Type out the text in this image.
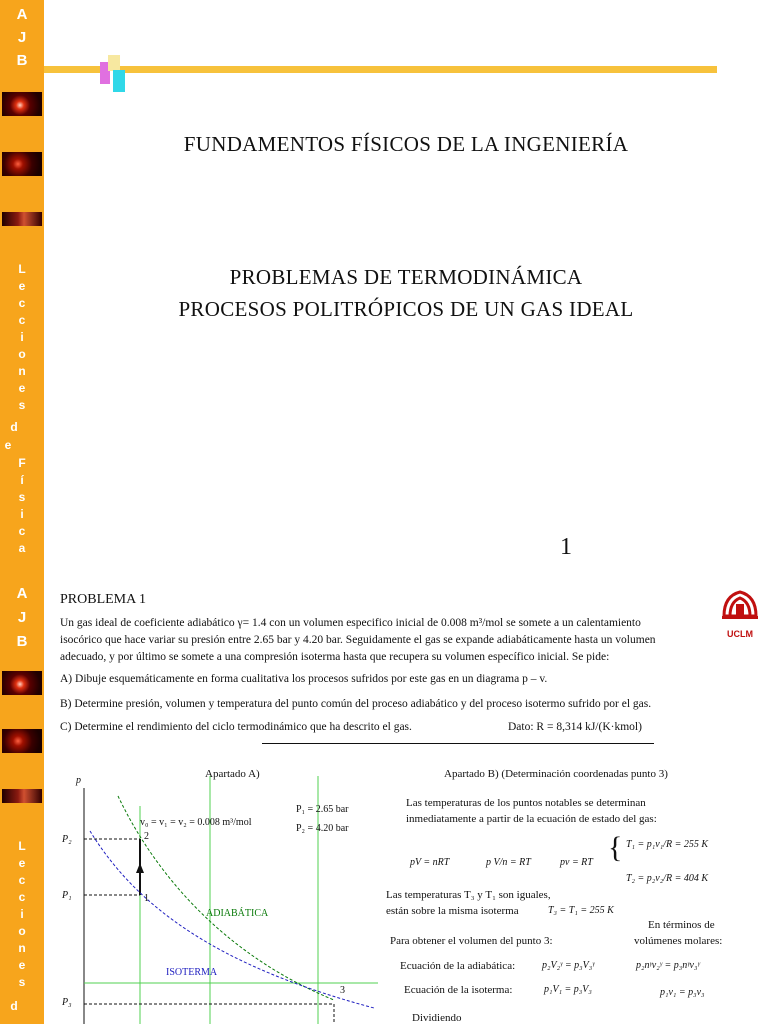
A
J
B
L
e
c
c
i
o
n
e
s
d
e
F
í
s
i
c
a
FUNDAMENTOS FÍSICOS DE LA INGENIERÍA
PROBLEMAS DE TERMODINÁMICA
PROCESOS POLITRÓPICOS DE UN GAS IDEAL
1
A
J
B
L
e
c
c
i
o
n
e
s
d
PROBLEMA 1
UCLM
Un gas ideal de coeficiente adiabático γ= 1.4 con un volumen especifico inicial de 0.008 m³/mol se somete a un calentamiento
isocórico que hace variar su presión entre 2.65 bar y 4.20 bar. Seguidamente el gas se expande adiabáticamente hasta un volumen
adecuado, y por último se somete a una compresión isoterma hasta que recupera su volumen específico inicial. Se pide:
A) Dibuje esquemáticamente en forma cualitativa los procesos sufridos por este gas en un diagrama p – v.
B) Determine presión, volumen y temperatura del punto común del proceso adiabático y del proceso isotermo sufrido por el gas.
C) Determine el rendimiento del ciclo termodinámico que ha descrito el gas.	Dato: R = 8,314 kJ/(K·kmol)
Apartado A)
p
P₂
P₁
P₃
2
1
3
v₀ = v₁ = v₂ = 0.008 m³/mol
P₁ = 2.65 bar
P₂ = 4.20 bar
ADIABÁTICA
ISOTERMA
Apartado B) (Determinación coordenadas punto 3)
Las temperaturas de los puntos notables se determinan
inmediatamente a partir de la ecuación de estado del gas:
pV = nRT	p V/n = RT	pv = RT { T₁ = p₁v₁/R = 255 K
T₂ = p₂v₂/R = 404 K
Las temperaturas T₃ y T₁ son iguales,
están sobre la misma isoterma	T₃ = T₁ = 255 K
Para obtener el volumen del punto 3:
En términos de
volúmenes molares:
Ecuación de la adiabática:	p₂V₂ᵞ = p₃V₃ᵞ	p₂nᵞv₂ᵞ = p₃nᵞv₃ᵞ
Ecuación de la isoterma:	p₁V₁ = p₃V₃	p₁v₁ = p₃v₃
Dividiendo
